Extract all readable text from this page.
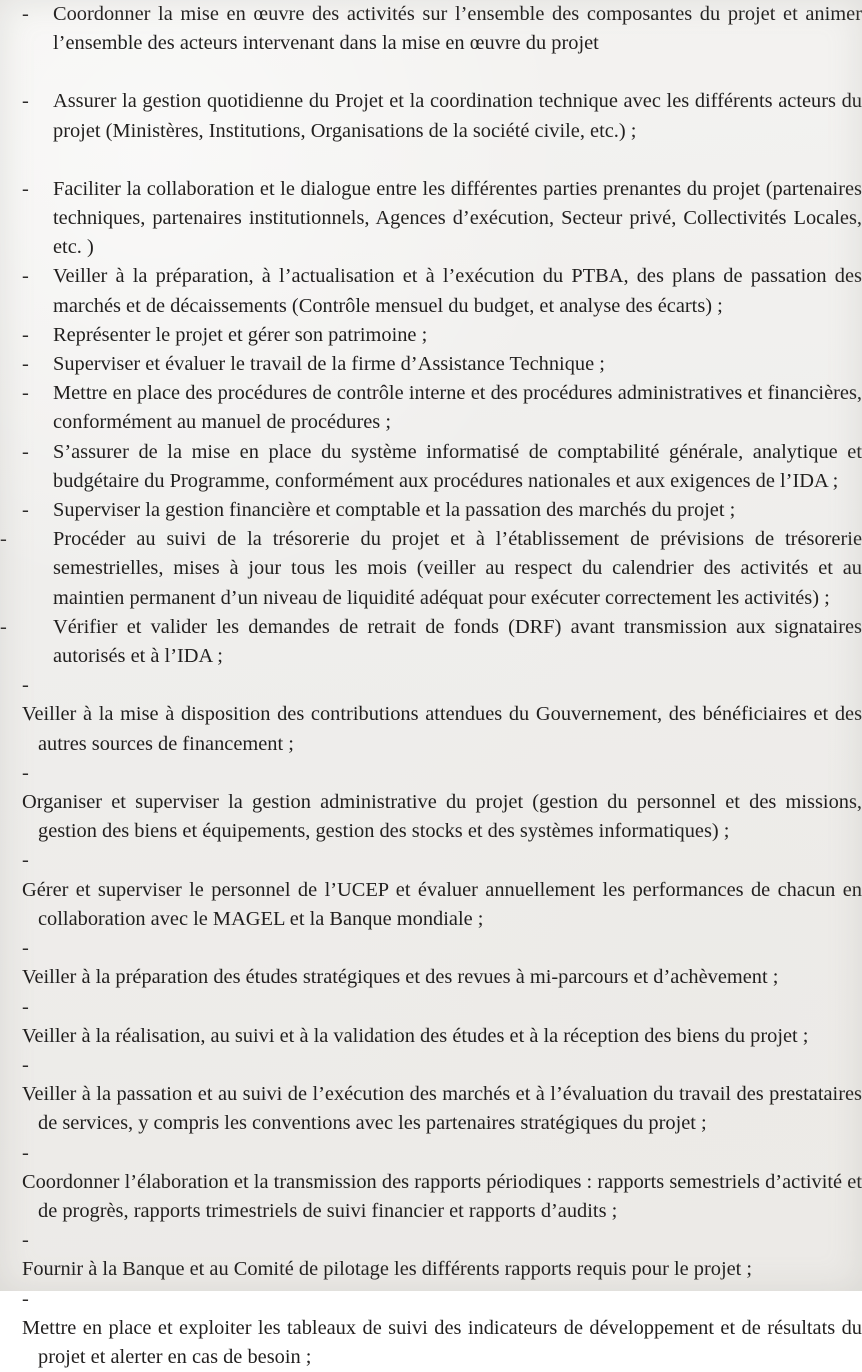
- Coordonner la mise en œuvre des activités sur l’ensemble des composantes du projet et animer l’ensemble des acteurs intervenant dans la mise en œuvre du projet
- Assurer la gestion quotidienne du Projet et la coordination technique avec les différents acteurs du projet (Ministères, Institutions, Organisations de la société civile, etc.) ;
- Faciliter la collaboration et le dialogue entre les différentes parties prenantes du projet (partenaires techniques, partenaires institutionnels, Agences d’exécution, Secteur privé, Collectivités Locales, etc. )
- Veiller à la préparation, à l’actualisation et à l’exécution du PTBA, des plans de passation des marchés et de décaissements (Contrôle mensuel du budget, et analyse des écarts) ;
- Représenter le projet et gérer son patrimoine ;
- Superviser et évaluer le travail de la firme d’Assistance Technique ;
- Mettre en place des procédures de contrôle interne et des procédures administratives et financières, conformément au manuel de procédures ;
- S’assurer de la mise en place du système informatisé de comptabilité générale, analytique et budgétaire du Programme, conformément aux procédures nationales et aux exigences de l’IDA ;
- Superviser la gestion financière et comptable et la passation des marchés du projet ;
- Procéder au suivi de la trésorerie du projet et à l’établissement de prévisions de trésorerie semestrielles, mises à jour tous les mois (veiller au respect du calendrier des activités et au maintien permanent d’un niveau de liquidité adéquat pour exécuter correctement les activités) ;
- Vérifier et valider les demandes de retrait de fonds (DRF) avant transmission aux signataires autorisés et à l’IDA ;
-
Veiller à la mise à disposition des contributions attendues du Gouvernement, des bénéficiaires et des autres sources de financement ;
-
Organiser et superviser la gestion administrative du projet (gestion du personnel et des missions, gestion des biens et équipements, gestion des stocks et des systèmes informatiques) ;
-
Gérer et superviser le personnel de l’UCEP et évaluer annuellement les performances de chacun en collaboration avec le MAGEL et la Banque mondiale ;
-
Veiller à la préparation des études stratégiques et des revues à mi-parcours et d’achèvement ;
-
Veiller à la réalisation, au suivi et à la validation des études et à la réception des biens du projet ;
-
Veiller à la passation et au suivi de l’exécution des marchés et à l’évaluation du travail des prestataires de services, y compris les conventions avec les partenaires stratégiques du projet ;
-
Coordonner l’élaboration et la transmission des rapports périodiques : rapports semestriels d’activité et de progrès, rapports trimestriels de suivi financier et rapports d’audits ;
-
Fournir à la Banque et au Comité de pilotage les différents rapports requis pour le projet ;
-
Mettre en place et exploiter les tableaux de suivi des indicateurs de développement et de résultats du projet et alerter en cas de besoin ;
